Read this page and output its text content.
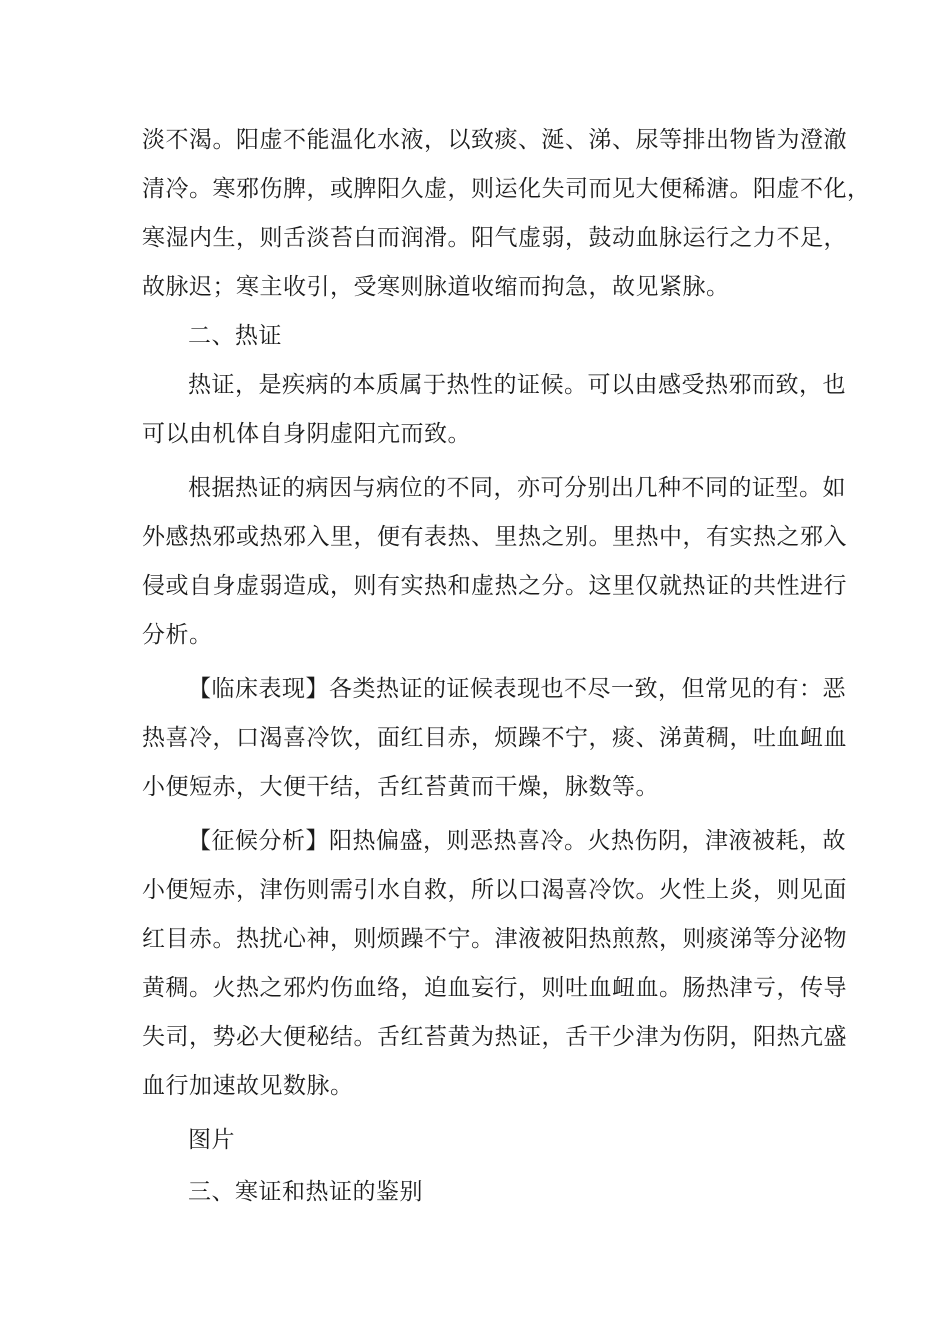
淡不渴。阳虚不能温化水液，以致痰、涎、涕、尿等排出物皆为澄澈
清冷。寒邪伤脾，或脾阳久虚，则运化失司而见大便稀溏。阳虚不化，
寒湿内生，则舌淡苔白而润滑。阳气虚弱，鼓动血脉运行之力不足，
故脉迟；寒主收引，受寒则脉道收缩而拘急，故见紧脉。
二、热证
热证，是疾病的本质属于热性的证候。可以由感受热邪而致，也
可以由机体自身阴虚阳亢而致。
根据热证的病因与病位的不同，亦可分别出几种不同的证型。如
外感热邪或热邪入里，便有表热、里热之别。里热中，有实热之邪入
侵或自身虚弱造成，则有实热和虚热之分。这里仅就热证的共性进行
分析。
【临床表现】各类热证的证候表现也不尽一致，但常见的有：恶
热喜冷，口渴喜冷饮，面红目赤，烦躁不宁，痰、涕黄稠，吐血衄血
小便短赤，大便干结，舌红苔黄而干燥，脉数等。
【征候分析】阳热偏盛，则恶热喜冷。火热伤阴，津液被耗，故
小便短赤，津伤则需引水自救，所以口渴喜冷饮。火性上炎，则见面
红目赤。热扰心神，则烦躁不宁。津液被阳热煎熬，则痰涕等分泌物
黄稠。火热之邪灼伤血络，迫血妄行，则吐血衄血。肠热津亏，传导
失司，势必大便秘结。舌红苔黄为热证，舌干少津为伤阴，阳热亢盛
血行加速故见数脉。
图片
三、寒证和热证的鉴别
